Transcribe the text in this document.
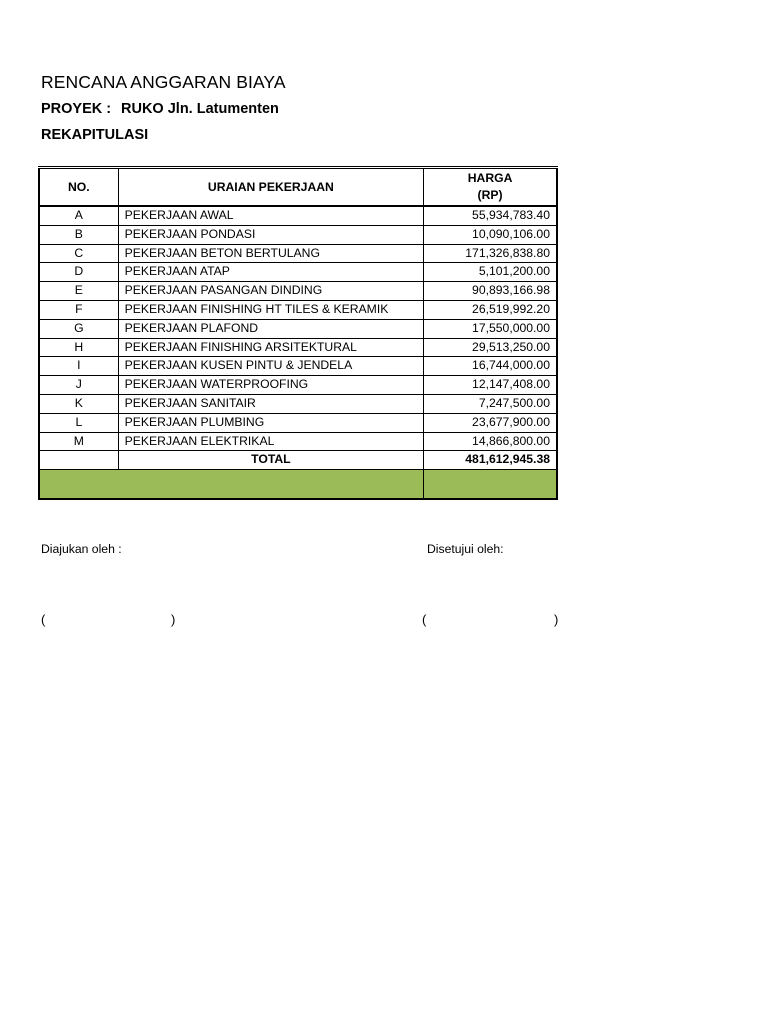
RENCANA ANGGARAN BIAYA
PROYEK : RUKO Jln. Latumenten
REKAPITULASI
NO.	URAIAN PEKERJAAN	HARGA
(RP)
A	PEKERJAAN AWAL	55,934,783.40
B	PEKERJAAN PONDASI	10,090,106.00
C	PEKERJAAN BETON BERTULANG	171,326,838.80
D	PEKERJAAN ATAP	5,101,200.00
E	PEKERJAAN PASANGAN DINDING	90,893,166.98
F	PEKERJAAN FINISHING HT TILES & KERAMIK	26,519,992.20
G	PEKERJAAN PLAFOND	17,550,000.00
H	PEKERJAAN FINISHING ARSITEKTURAL	29,513,250.00
I	PEKERJAAN KUSEN PINTU & JENDELA	16,744,000.00
J	PEKERJAAN WATERPROOFING	12,147,408.00
K	PEKERJAAN SANITAIR	7,247,500.00
L	PEKERJAAN PLUMBING	23,677,900.00
M	PEKERJAAN ELEKTRIKAL	14,866,800.00
	TOTAL	481,612,945.38

Diajukan oleh :	Disetujui oleh:
(	)	(	)
